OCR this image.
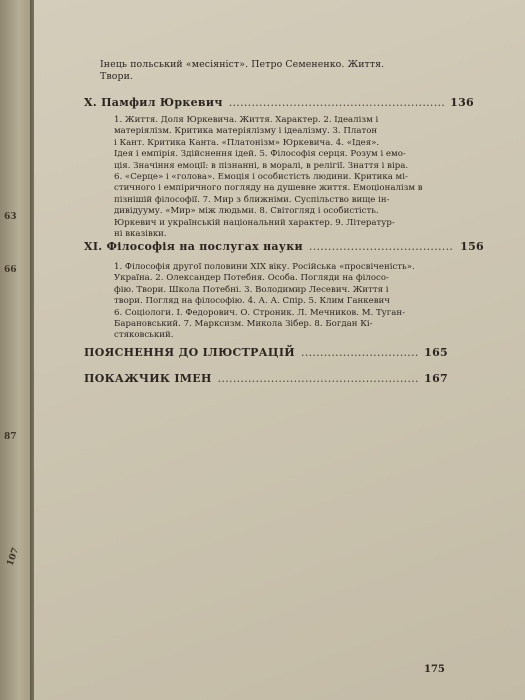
63
66
87
107
Інець польський «месіяніст». Петро Семененко. Життя.
Твори.
X. Памфил Юркевич .....	136
1. Життя. Доля Юркевича. Життя. Характер. 2. Ідеалізм і
матеріялізм. Критика матеріялізму і ідеалізму. 3. Платон
і Кант. Критика Канта. «Платонізм» Юркевича. 4. «Ідея».
Ідея і емпірія. Здійснення ідей. 5. Філософія серця. Розум і емо-
ція. Значіння емоції: в пізнанні, в моралі, в релігії. Знаття і віра.
6. «Серце» і «голова». Емоція і особистість людини. Критика мі-
стичного і емпіричного погляду на душевне життя. Емоціоналізм в
пізнішій філософії. 7. Мир з ближніми. Суспільство вище ін-
дивідууму. «Мир» між людьми. 8. Світогляд і особистість.
Юркевич и українській національний характер. 9. Літератур-
ні вказівки.
XI. Філософія на послугах науки .....	156
1. Філософія другої половини XIX віку. Російська «просвіченість».
Україна. 2. Олександер Потебня. Особа. Погляди на філосо-
фію. Твори. Школа Потебні. 3. Володимир Лесевич. Життя і
твори. Погляд на філософію. 4. А. А. Спір. 5. Клим Ганкевич
6. Соціологи. І. Федорович. О. Строник. Л. Мечников. М. Туган-
Барановський. 7. Марксизм. Микола Зібер. 8. Богдан Кі-
стяковський.
ПОЯСНЕННЯ ДО ІЛЮСТРАЦІЙ .....	165
ПОКАЖЧИК ІМЕН .....	167
175
